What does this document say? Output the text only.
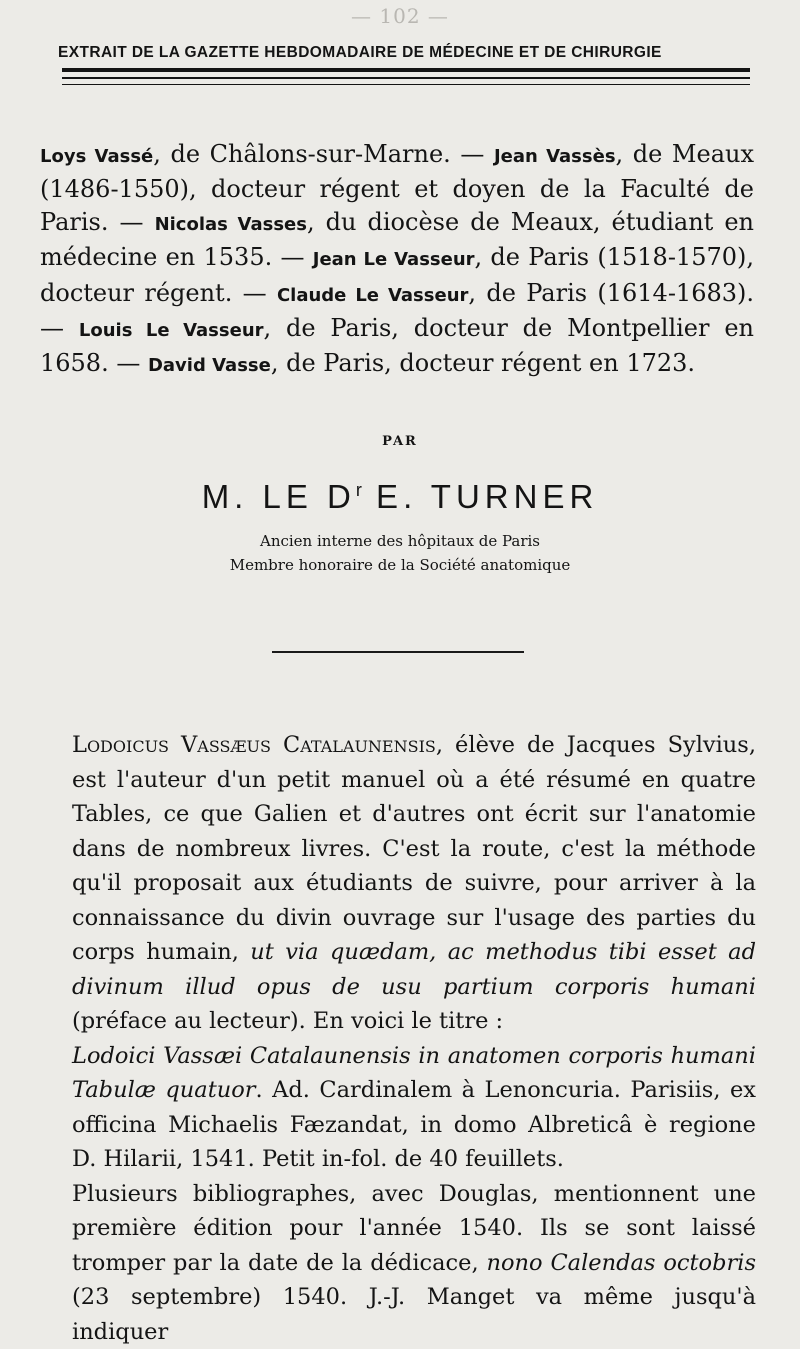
— 102 —
EXTRAIT DE LA GAZETTE HEBDOMADAIRE DE MÉDECINE ET DE CHIRURGIE
Loys Vassé, de Châlons-sur-Marne. — Jean Vassès, de Meaux (1486-1550), docteur régent et doyen de la Faculté de Paris. — Nicolas Vasses, du diocèse de Meaux, étudiant en médecine en 1535. — Jean Le Vasseur, de Paris (1518-1570), docteur régent. — Claude Le Vasseur, de Paris (1614-1683). — Louis Le Vasseur, de Paris, docteur de Montpellier en 1658. — David Vasse, de Paris, docteur régent en 1723.
PAR
M. LE $D^r$ E. TURNER
Ancien interne des hôpitaux de Paris
Membre honoraire de la Société anatomique

Lodoicus Vassæus Catalaunensis, élève de Jacques Sylvius, est l'auteur d'un petit manuel où a été résumé en quatre Tables, ce que Galien et d'autres ont écrit sur l'anatomie dans de nombreux livres. C'est la route, c'est la méthode qu'il proposait aux étudiants de suivre, pour arriver à la connaissance du divin ouvrage sur l'usage des parties du corps humain, ut via quædam, ac methodus tibi esset ad divinum illud opus de usu partium corporis humani (préface au lecteur). En voici le titre :

Lodoici Vassæi Catalaunensis in anatomen corporis humani Tabulæ quatuor. Ad. Cardinalem à Lenoncuria. Parisiis, ex officina Michaelis Fæzandat, in domo Albreticâ è regione D. Hilarii, 1541. Petit in-fol. de 40 feuillets.

Plusieurs bibliographes, avec Douglas, mentionnent une première édition pour l'année 1540. Ils se sont laissé tromper par la date de la dédicace, nono Calendas octobris (23 septembre) 1540. J.-J. Manget va même jusqu'à indiquer
